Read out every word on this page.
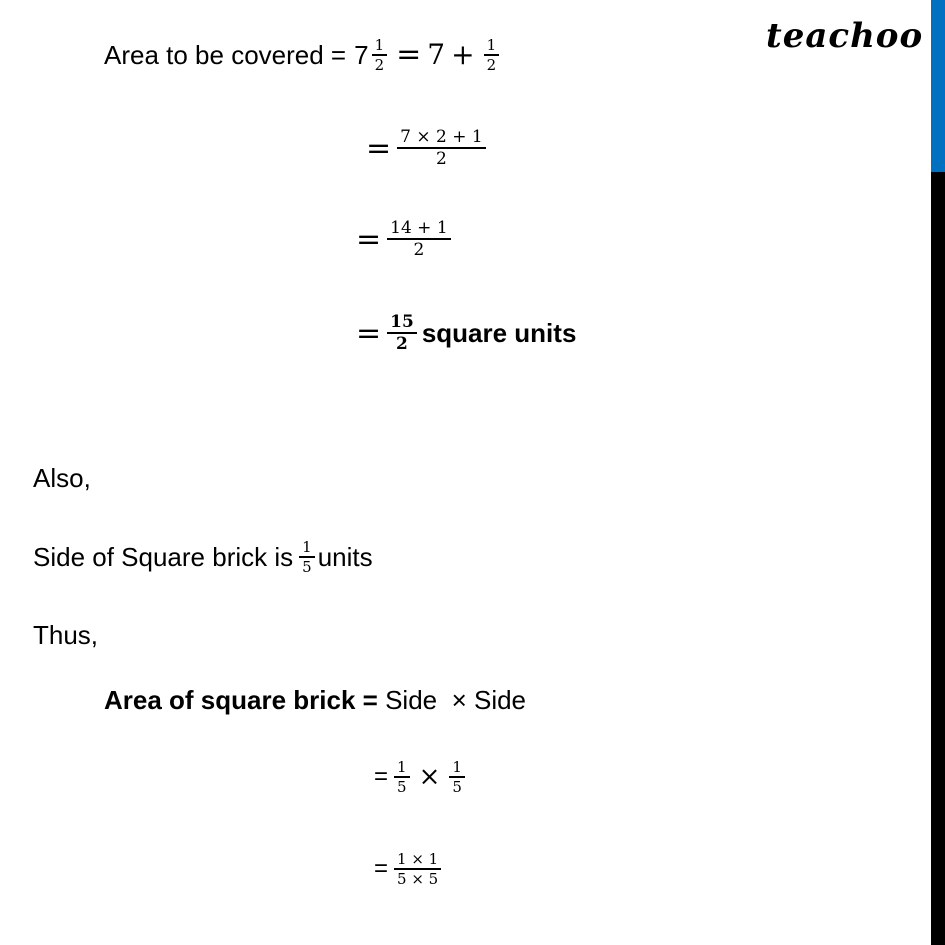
teachoo
Area to be covered = $7 \frac{1}{2} = 7 + \frac{1}{2}$
= $\frac{7 \times 2 + 1}{2}$
= $\frac{14 + 1}{2}$
= $\frac{15}{2}$ square units
Also,
Side of Square brick is $\frac{1}{5}$ units
Thus,
Area of square brick = Side  × Side
= $\frac{1}{5} \times \frac{1}{5}$
= $\frac{1 \times 1}{5 \times 5}$
